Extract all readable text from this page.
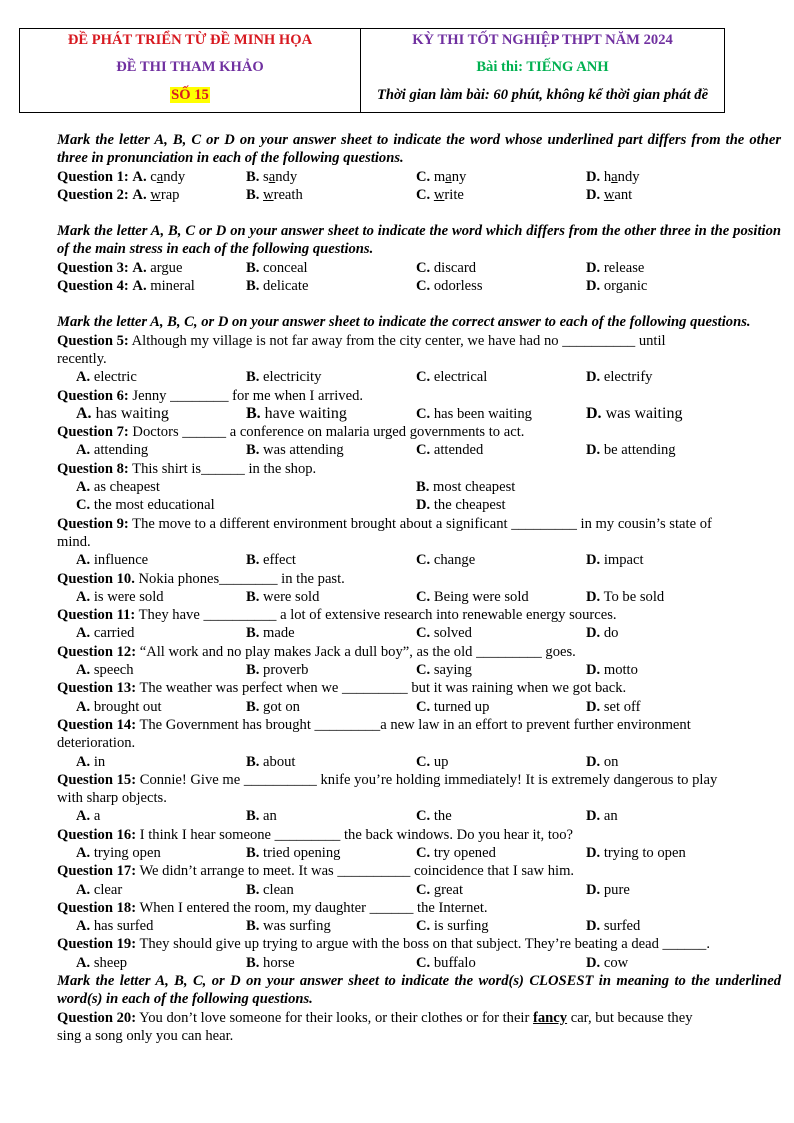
ĐỀ PHÁT TRIỂN TỪ ĐỀ MINH HỌA
ĐỀ THI THAM KHẢO
SỐ 15
KỲ THI TỐT NGHIỆP THPT NĂM 2024
Bài thi: TIẾNG ANH
Thời gian làm bài: 60 phút, không kể thời gian phát đề
Mark the letter A, B, C or D on your answer sheet to indicate the word whose underlined part differs from the other three in pronunciation in each of the following questions.
Question 1: A. candy	B. sandy	C. many	D. handy
Question 2: A. wrap	B. wreath	C. write	D. want
Mark the letter A, B, C or D on your answer sheet to indicate the word which differs from the other three in the position of the main stress in each of the following questions.
Question 3: A. argue	B. conceal	C. discard	D. release
Question 4: A. mineral	B. delicate	C. odorless	D. organic
Mark the letter A, B, C, or D on your answer sheet to indicate the correct answer to each of the following questions.
Question 5: Although my village is not far away from the city center, we have had no __________ until
recently.
A. electric	B. electricity	C. electrical	D. electrify
Question 6: Jenny ________ for me when I arrived.
A. has waiting	B. have waiting	C. has been waiting	D. was waiting
Question 7: Doctors ______ a conference on malaria urged governments to act.
A. attending	B. was attending	C. attended	D. be attending
Question 8: This shirt is______ in the shop.
A. as cheapest	B. most cheapest
C. the most educational	D. the cheapest
Question 9: The move to a different environment brought about a significant _________ in my cousin’s state of
mind.
A. influence	B. effect	C. change	D. impact
Question 10. Nokia phones________ in the past.
A. is were sold	B. were sold	C. Being were sold	D. To be sold
Question 11: They have __________ a lot of extensive research into renewable energy sources.
A. carried	B. made	C. solved	D. do
Question 12: “All work and no play makes Jack a dull boy”, as the old _________ goes.
A. speech	B. proverb	C. saying	D. motto
Question 13: The weather was perfect when we _________ but it was raining when we got back.
A. brought out	B. got on	C. turned up	D. set off
Question 14: The Government has brought _________a new law in an effort to prevent further environment
deterioration.
A. in	B. about	C. up	D. on
Question 15: Connie! Give me __________ knife you’re holding immediately! It is extremely dangerous to play
with sharp objects.
A. a	B. an	C. the	D. an
Question 16: I think I hear someone _________ the back windows. Do you hear it, too?
A. trying open	B. tried opening	C. try opened	D. trying to open
Question 17: We didn’t arrange to meet. It was __________ coincidence that I saw him.
A. clear	B. clean	C. great	D. pure
Question 18: When I entered the room, my daughter ______ the Internet.
A. has surfed	B. was surfing	C. is surfing	D. surfed
Question 19: They should give up trying to argue with the boss on that subject. They’re beating a dead ______.
A. sheep	B. horse	C. buffalo	D. cow
Mark the letter A, B, C, or D on your answer sheet to indicate the word(s) CLOSEST in meaning to the underlined word(s) in each of the following questions.
Question 20: You don’t love someone for their looks, or their clothes or for their fancy car, but because they
sing a song only you can hear.
